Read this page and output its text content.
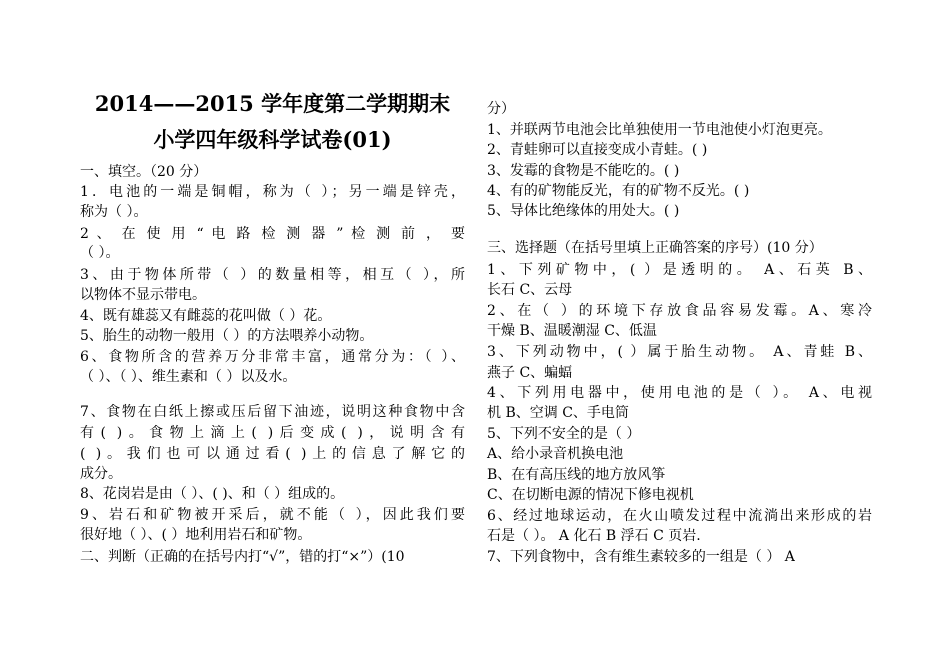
2014——2015 学年度第二学期期末
小学四年级科学试卷(01)
一、填空。（20 分）
1．电池的一端是铜帽，称为（ ）；另一端是锌壳，
称为（ ）。
2 、 在 使 用 “ 电 路 检 测 器 ” 检 测 前 ， 要
（ ）。
3、由于物体所带（ ）的数量相等，相互（ ），所
以物体不显示带电。
4、既有雄蕊又有雌蕊的花叫做（ ）花。
5、胎生的动物一般用（ ）的方法喂养小动物。
6、食物所含的营养万分非常丰富，通常分为：（ ）、
（ ）、（ ）、维生素和（ ）以及水。
7、食物在白纸上擦或压后留下油迹，说明这种食物中含
有( )。食物上滴上( )后变成( )，说明含有
( )。我们也可以通过看( )上的信息了解它的
成分。
8、花岗岩是由（ ）、( )、和（ ）组成的。
9、岩石和矿物被开采后，就不能（ ），因此我们要
很好地（ ）、( ）地利用岩石和矿物。
二、判断（正确的在括号内打“√”，错的打“×”）(10
分）
1、并联两节电池会比单独使用一节电池使小灯泡更亮。
2、青蛙卵可以直接变成小青蛙。( )
3、发霉的食物是不能吃的。( )
4、有的矿物能反光，有的矿物不反光。( )
5、导体比绝缘体的用处大。( )
三、选择题（在括号里填上正确答案的序号）(10 分）
1、下列矿物中，( ）是透明的。 A、石英 B、
长石 C、云母
2、在（ ）的环境下存放食品容易发霉。A、寒冷
干燥 B、温暖潮湿 C、低温
3、下列动物中，( ）属于胎生动物。 A、青蛙 B、
燕子 C、蝙蝠
4、下列用电器中，使用电池的是（ ）。 A、电视
机 B、空调 C、手电筒
5、下列不安全的是（ ）
A、给小录音机换电池
B、在有高压线的地方放风筝
C、在切断电源的情况下修电视机
6、经过地球运动，在火山喷发过程中流淌出来形成的岩
石是（ ）。 A 化石 B 浮石 C 页岩.
7、下列食物中，含有维生素较多的一组是（ ） A
